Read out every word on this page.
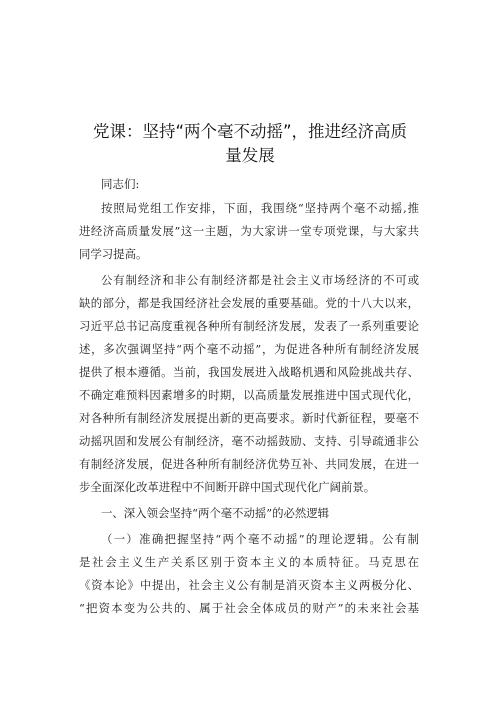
党课：坚持“两个毫不动摇”，推进经济高质
量发展
同志们:
按照局党组工作安排，下面，我围绕“坚持两个毫不动摇,推
进经济高质量发展”这一主题，为大家讲一堂专项党课，与大家共
同学习提高。
公有制经济和非公有制经济都是社会主义市场经济的不可或
缺的部分，都是我国经济社会发展的重要基础。党的十八大以来，
习近平总书记高度重视各种所有制经济发展，发表了一系列重要论
述，多次强调坚持“两个毫不动摇”，为促进各种所有制经济发展
提供了根本遵循。当前，我国发展进入战略机遇和风险挑战共存、
不确定难预料因素增多的时期，以高质量发展推进中国式现代化，
对各种所有制经济发展提出新的更高要求。新时代新征程，要毫不
动摇巩固和发展公有制经济，毫不动摇鼓励、支持、引导疏通非公
有制经济发展，促进各种所有制经济优势互补、共同发展，在进一
步全面深化改革进程中不间断开辟中国式现代化广阔前景。
一、深入领会坚持“两个毫不动摇”的必然逻辑
（一）准确把握坚持“两个毫不动摇”的理论逻辑。公有制
是社会主义生产关系区别于资本主义的本质特征。马克思在
《资本论》中提出，社会主义公有制是消灭资本主义两极分化、
“把资本变为公共的、属于社会全体成员的财产”的未来社会基
